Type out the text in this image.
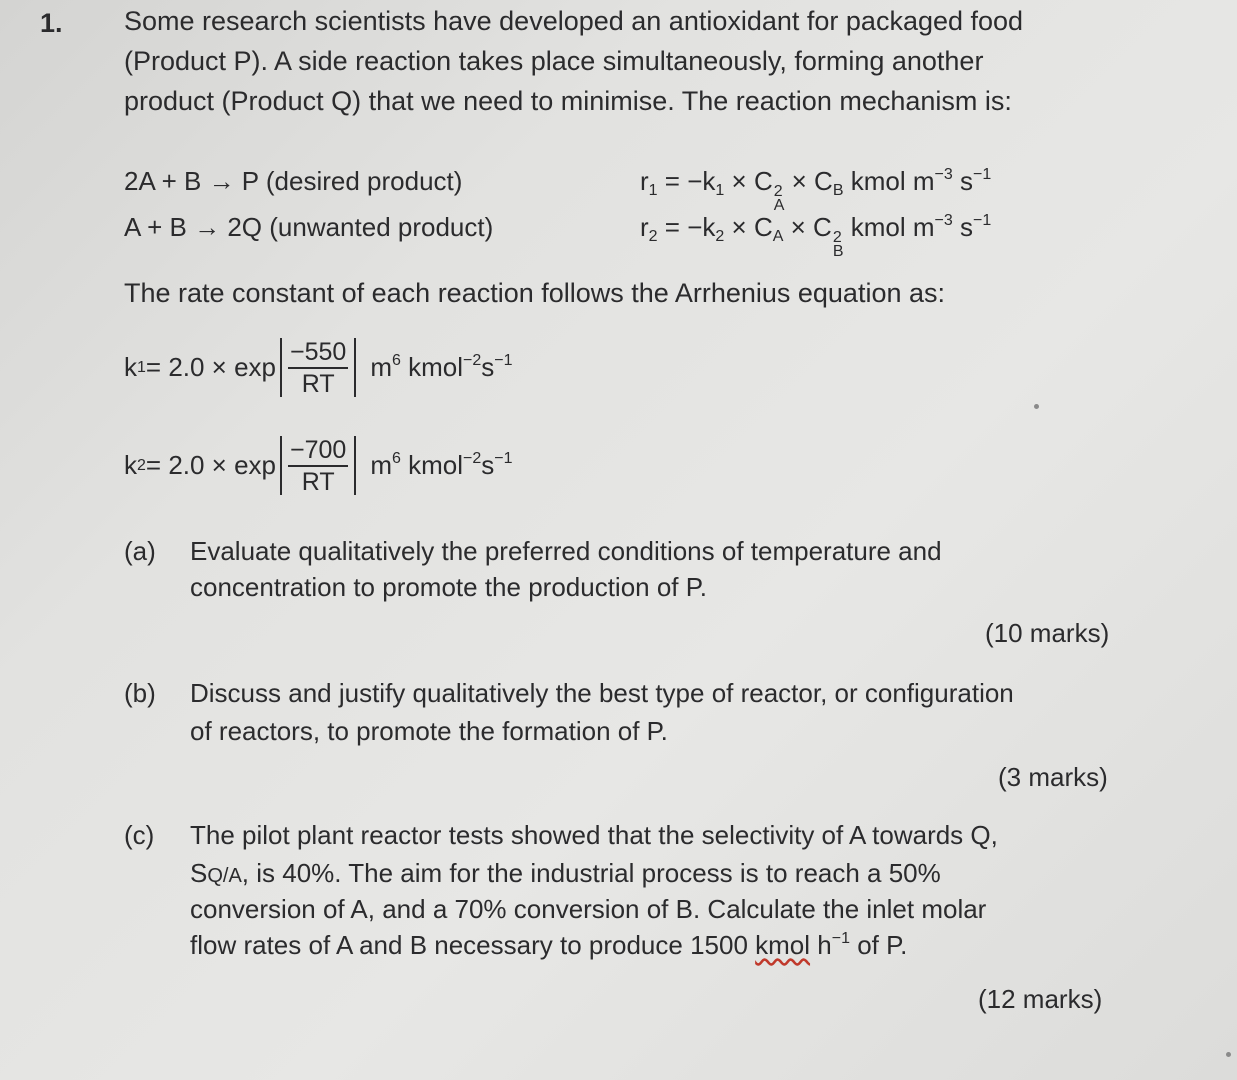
1. Some research scientists have developed an antioxidant for packaged food
(Product P). A side reaction takes place simultaneously, forming another
product (Product Q) that we need to minimise. The reaction mechanism is:
2A + B → P (desired product)	$r_1 = -k_1 \times C$ 2
A
× $C_B$ kmol $m^{-3}$ $s^{-1}$
A + B → 2Q (unwanted product)	$r_2 = -k_2 \times C_A \times C$ 2
B
kmol $m^{-3}$ $s^{-1}$
The rate constant of each reaction follows the Arrhenius equation as:
k $1 = 2.0 \times \exp \frac{-550}{RT} m^6$ $kmol^{-2}s^{-1}$
k $2 = 2.0 \times \exp \frac{-700}{RT} m^6$ $kmol^{-2}s^{-1}$
(a) Evaluate qualitatively the preferred conditions of temperature and
concentration to promote the production of P.
(10 marks)
(b) Discuss and justify qualitatively the best type of reactor, or configuration
of reactors, to promote the formation of P.
(3 marks)
(c) The pilot plant reactor tests showed that the selectivity of A towards Q,
SQ/A, is 40%. The aim for the industrial process is to reach a 50%
conversion of A, and a 70% conversion of B. Calculate the inlet molar
flow rates of A and B necessary to produce 1500 kmol $h^{-1}$ of P.
(12 marks)
